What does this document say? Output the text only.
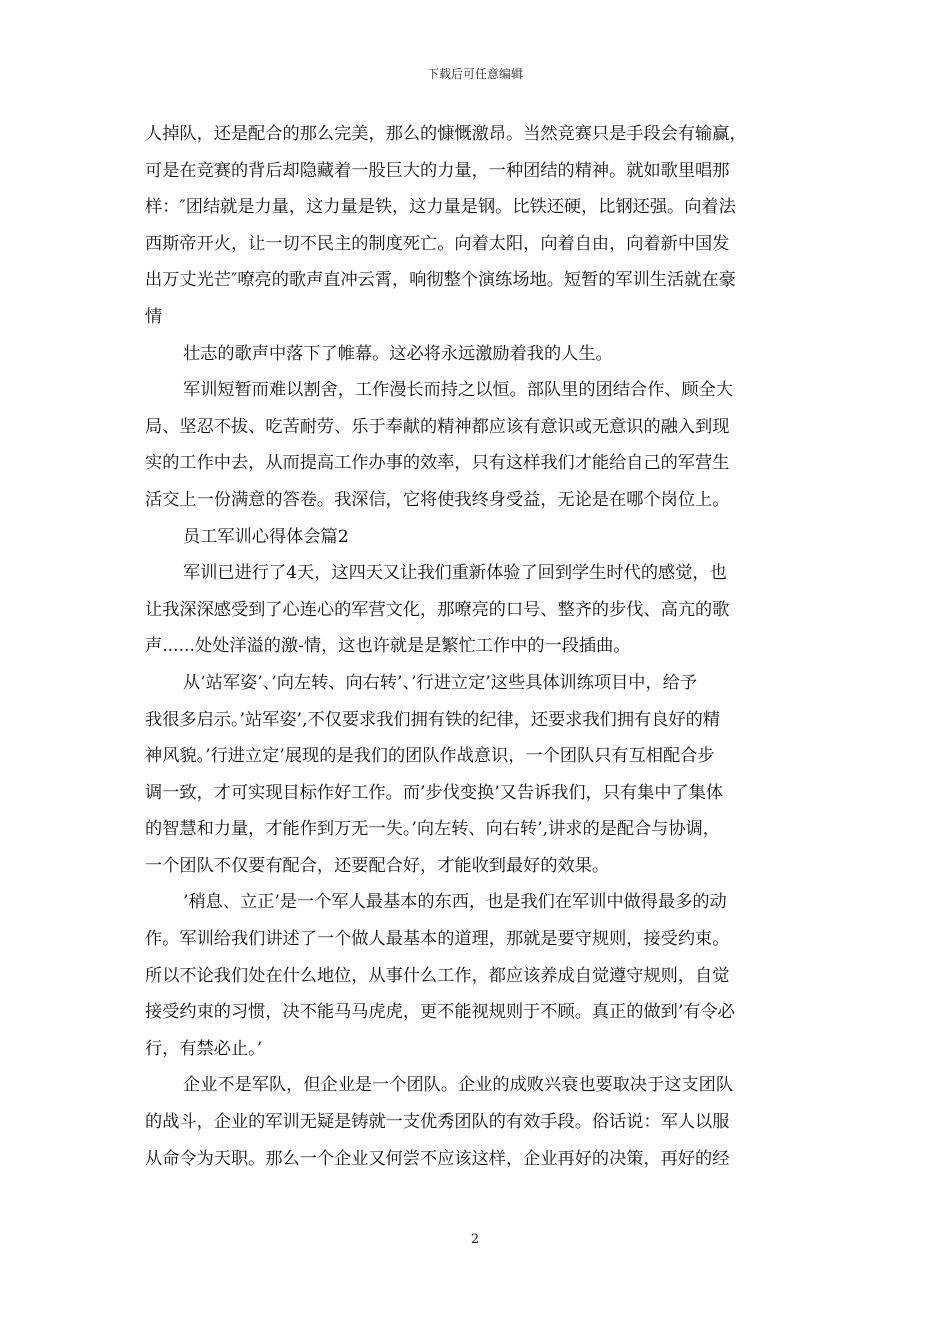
下载后可任意编辑
人掉队，还是配合的那么完美，那么的慷慨激昂。当然竞赛只是手段会有输赢，
可是在竞赛的背后却隐藏着一股巨大的力量，一种团结的精神。就如歌里唱那
样：″团结就是力量，这力量是铁，这力量是钢。比铁还硬，比钢还强。向着法
西斯帝开火，让一切不民主的制度死亡。向着太阳，向着自由，向着新中国发
出万丈光芒″嘹亮的歌声直冲云霄，响彻整个演练场地。短暂的军训生活就在豪
情
壮志的歌声中落下了帷幕。这必将永远激励着我的人生。
军训短暂而难以割舍，工作漫长而持之以恒。部队里的团结合作、顾全大
局、坚忍不拔、吃苦耐劳、乐于奉献的精神都应该有意识或无意识的融入到现
实的工作中去，从而提高工作办事的效率，只有这样我们才能给自己的军营生
活交上一份满意的答卷。我深信，它将使我终身受益，无论是在哪个岗位上。
员工军训心得体会篇2
军训已进行了4天，这四天又让我们重新体验了回到学生时代的感觉，也
让我深深感受到了心连心的军营文化，那嘹亮的口号、整齐的步伐、高亢的歌
声......处处洋溢的激-情，这也许就是是繁忙工作中的一段插曲。
从’站军姿’、’向左转、向右转’、’行进立定’这些具体训练项目中，给予
我很多启示。’站军姿’,不仅要求我们拥有铁的纪律，还要求我们拥有良好的精
神风貌。’行进立定’展现的是我们的团队作战意识，一个团队只有互相配合步
调一致，才可实现目标作好工作。而’步伐变换’又告诉我们，只有集中了集体
的智慧和力量，才能作到万无一失。’向左转、向右转’,讲求的是配合与协调，
一个团队不仅要有配合，还要配合好，才能收到最好的效果。
’稍息、立正’是一个军人最基本的东西，也是我们在军训中做得最多的动
作。军训给我们讲述了一个做人最基本的道理，那就是要守规则，接受约束。
所以不论我们处在什么地位，从事什么工作，都应该养成自觉遵守规则，自觉
接受约束的习惯，决不能马马虎虎，更不能视规则于不顾。真正的做到’有令必
行，有禁必止。’
企业不是军队，但企业是一个团队。企业的成败兴衰也要取决于这支团队
的战斗，企业的军训无疑是铸就一支优秀团队的有效手段。俗话说：军人以服
从命令为天职。那么一个企业又何尝不应该这样，企业再好的决策，再好的经
2
